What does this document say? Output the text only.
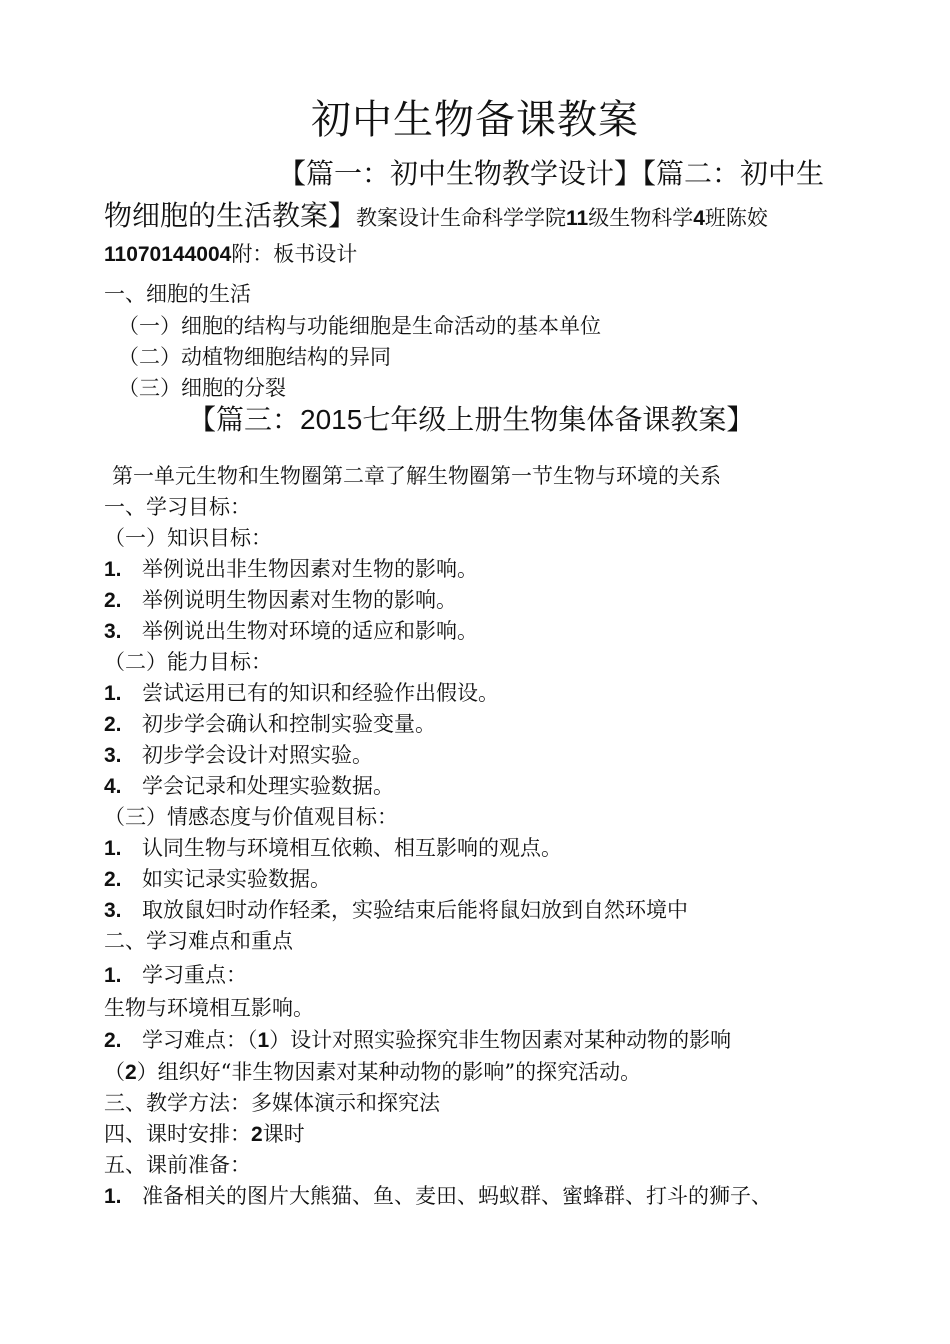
初中生物备课教案
【篇一：初中生物教学设计】【篇二：初中生
物细胞的生活教案】教案设计生命科学学院11级生物科学4班陈姣
11070144004附：板书设计
一、细胞的生活
（一）细胞的结构与功能细胞是生命活动的基本单位
（二）动植物细胞结构的异同
（三）细胞的分裂
【篇三：2015七年级上册生物集体备课教案】
第一单元生物和生物圈第二章了解生物圈第一节生物与环境的关系
一、学习目标：
（一）知识目标：
1. 举例说出非生物因素对生物的影响。
2. 举例说明生物因素对生物的影响。
3. 举例说出生物对环境的适应和影响。
（二）能力目标：
1. 尝试运用已有的知识和经验作出假设。
2. 初步学会确认和控制实验变量。
3. 初步学会设计对照实验。
4. 学会记录和处理实验数据。
（三）情感态度与价值观目标：
1. 认同生物与环境相互依赖、相互影响的观点。
2. 如实记录实验数据。
3. 取放鼠妇时动作轻柔，实验结束后能将鼠妇放到自然环境中
二、学习难点和重点
1. 学习重点：
生物与环境相互影响。
2. 学习难点：（1）设计对照实验探究非生物因素对某种动物的影响
（2）组织好“非生物因素对某种动物的影响”的探究活动。
三、教学方法：多媒体演示和探究法
四、课时安排：2课时
五、课前准备：
1. 准备相关的图片大熊猫、鱼、麦田、蚂蚁群、蜜蜂群、打斗的狮子、
